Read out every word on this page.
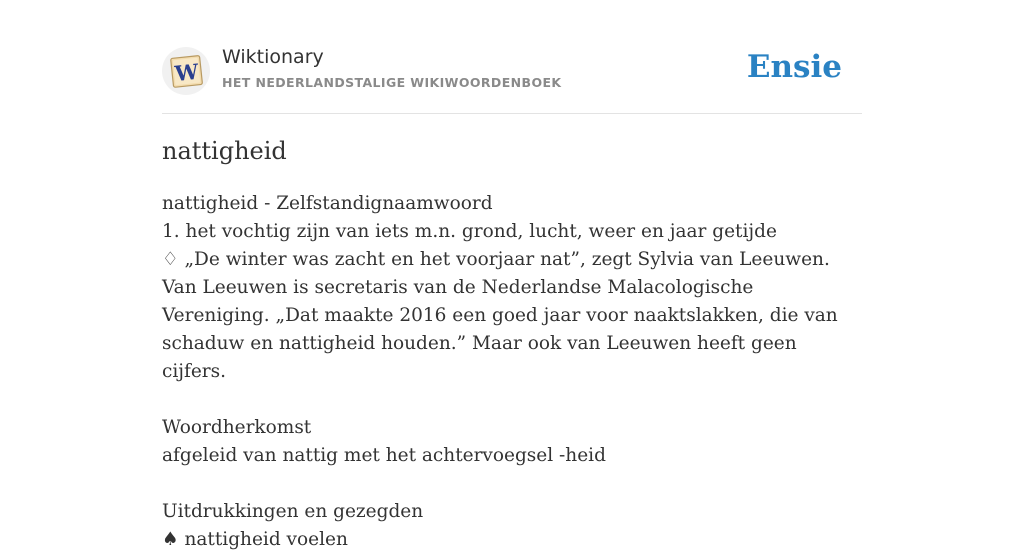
W
Wiktionary
HET NEDERLANDSTALIGE WIKIWOORDENBOEK	Ensie
nattigheid

nattigheid - Zelfstandignaamwoord

1. het vochtig zijn van iets m.n. grond, lucht, weer en jaar getijde

♢ „De winter was zacht en het voorjaar nat”, zegt Sylvia van Leeuwen. Van Leeuwen is secretaris van de Nederlandse Malacologische Vereniging. „Dat maakte 2016 een goed jaar voor naaktslakken, die van schaduw en nattigheid houden.” Maar ook van Leeuwen heeft geen cijfers.

Woordherkomst

afgeleid van nattig met het achtervoegsel -heid

Uitdrukkingen en gezegden

♠ nattigheid voelen
